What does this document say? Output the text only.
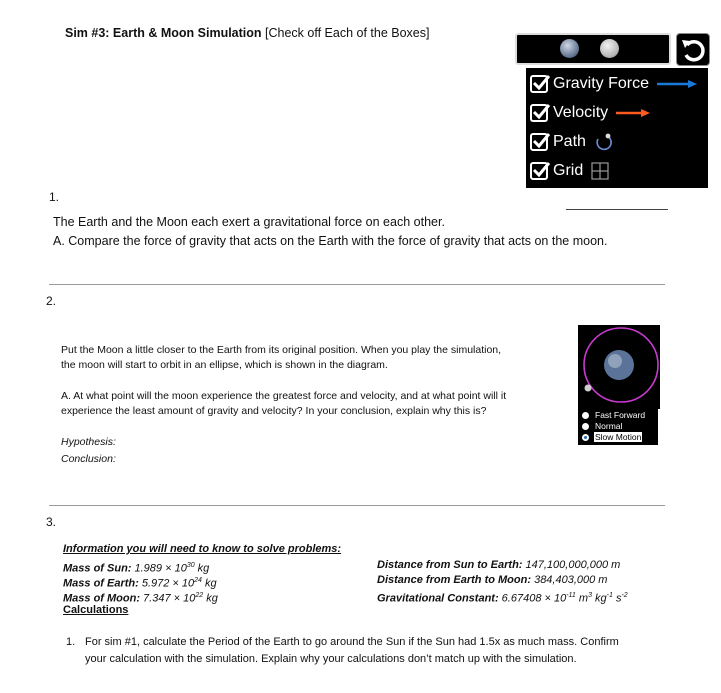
Sim #3: Earth & Moon Simulation [Check off Each of the Boxes]
Gravity Force
Velocity
Path
Grid
1.
The Earth and the Moon each exert a gravitational force on each other.
A. Compare the force of gravity that acts on the Earth with the force of gravity that acts on the moon.
2.
Put the Moon a little closer to the Earth from its original position. When you play the simulation,
the moon will start to orbit in an ellipse, which is shown in the diagram.
A. At what point will the moon experience the greatest force and velocity, and at what point will it
experience the least amount of gravity and velocity? In your conclusion, explain why this is?
Hypothesis:
Conclusion:
Fast Forward
Normal
Slow Motion
3.
Information you will need to know to solve problems:
Mass of Sun: $1.989 \times 10^{30}$ kg
Mass of Earth: $5.972 \times 10^{24}$ kg
Mass of Moon: $7.347 \times 10^{22}$ kg
Calculations
Distance from Sun to Earth: 147,100,000,000 m
Distance from Earth to Moon: 384,403,000 m
Gravitational Constant: $6.67408 \times 10^{-11}$ $m^3$ $kg^{-1}$ $s^{-2}$
1. For sim #1, calculate the Period of the Earth to go around the Sun if the Sun had 1.5x as much mass. Confirm
your calculation with the simulation. Explain why your calculations don’t match up with the simulation.
